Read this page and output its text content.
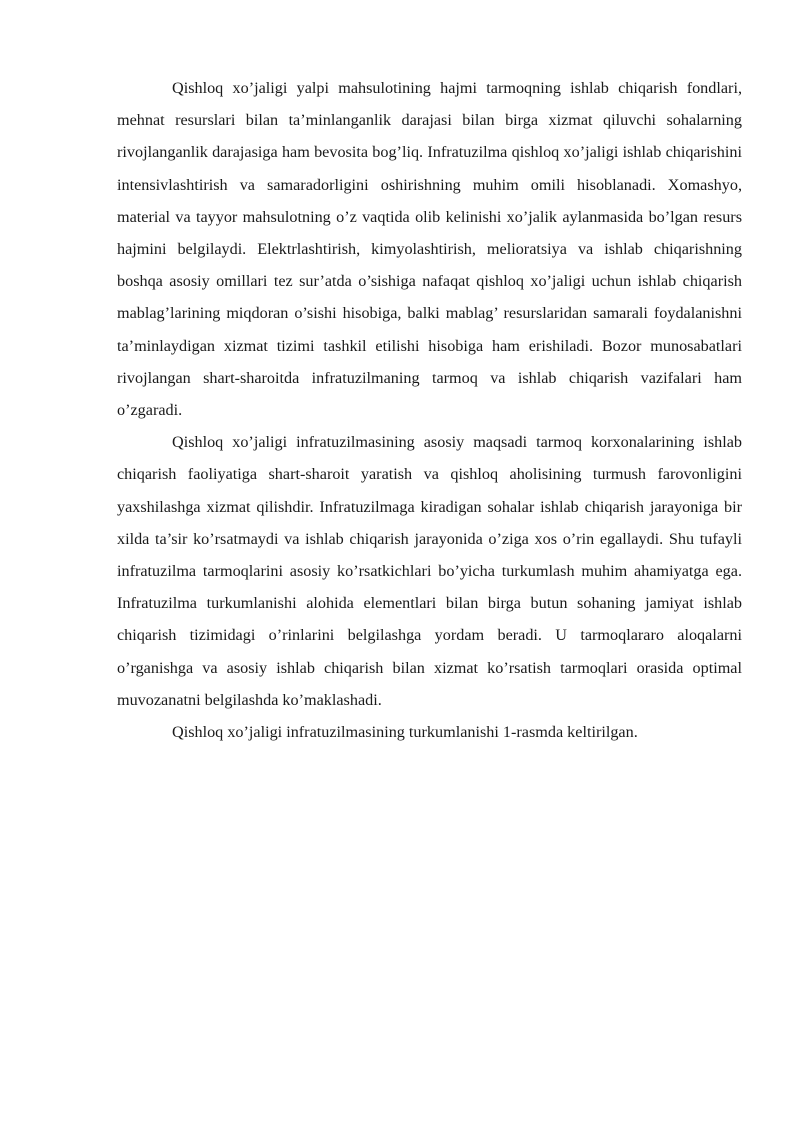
Qishloq xo’jaligi yalpi mahsulotining hajmi tarmoqning ishlab chiqarish fondlari, mehnat resurslari bilan ta’minlanganlik darajasi bilan birga xizmat qiluvchi sohalarning rivojlanganlik darajasiga ham bevosita bog’liq. Infratuzilma qishloq xo’jaligi ishlab chiqarishini intensivlashtirish va samaradorligini oshirishning muhim omili hisoblanadi. Xomashyo, material va tayyor mahsulotning o’z vaqtida olib kelinishi xo’jalik aylanmasida bo’lgan resurs hajmini belgilaydi. Elektrlashtirish, kimyolashtirish, melioratsiya va ishlab chiqarishning boshqa asosiy omillari tez sur’atda o’sishiga nafaqat qishloq xo’jaligi uchun ishlab chiqarish mablag’larining miqdoran o’sishi hisobiga, balki mablag’ resurslaridan samarali foydalanishni ta’minlaydigan xizmat tizimi tashkil etilishi hisobiga ham erishiladi. Bozor munosabatlari rivojlangan shart-sharoitda infratuzilmaning tarmoq va ishlab chiqarish vazifalari ham o’zgaradi.

Qishloq xo’jaligi infratuzilmasining asosiy maqsadi tarmoq korxonalarining ishlab chiqarish faoliyatiga shart-sharoit yaratish va qishloq aholisining turmush farovonligini yaxshilashga xizmat qilishdir. Infratuzilmaga kiradigan sohalar ishlab chiqarish jarayoniga bir xilda ta’sir ko’rsatmaydi va ishlab chiqarish jarayonida o’ziga xos o’rin egallaydi. Shu tufayli infratuzilma tarmoqlarini asosiy ko’rsatkichlari bo’yicha turkumlash muhim ahamiyatga ega. Infratuzilma turkumlanishi alohida elementlari bilan birga butun sohaning jamiyat ishlab chiqarish tizimidagi o’rinlarini belgilashga yordam beradi. U tarmoqlararo aloqalarni o’rganishga va asosiy ishlab chiqarish bilan xizmat ko’rsatish tarmoqlari orasida optimal muvozanatni belgilashda ko’maklashadi.

Qishloq xo’jaligi infratuzilmasining turkumlanishi 1-rasmda keltirilgan.
